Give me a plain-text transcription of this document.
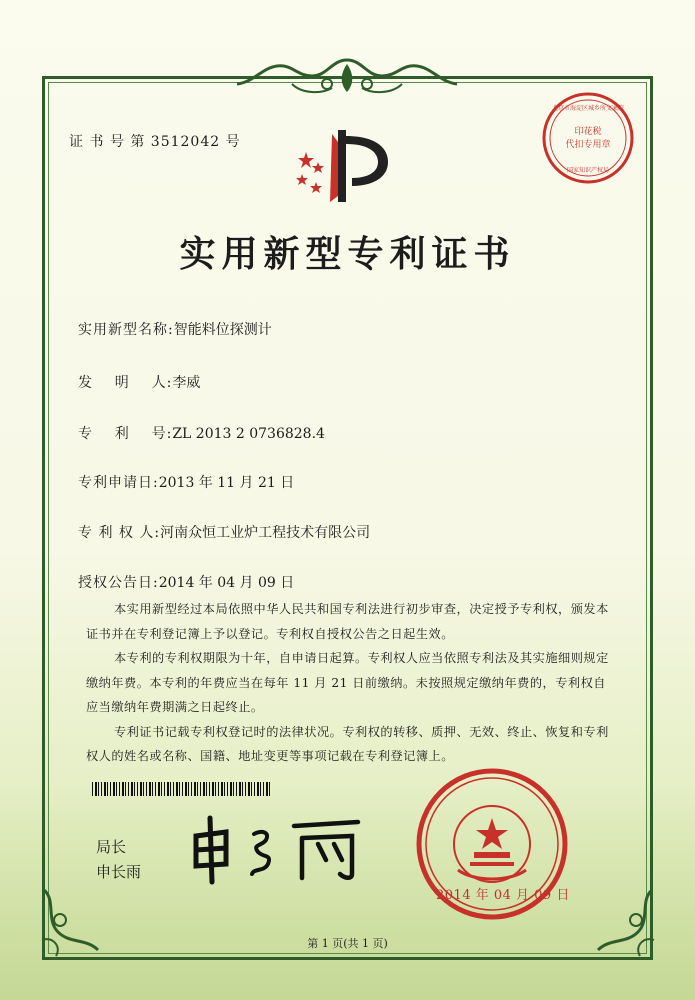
证 书 号 第 3512042 号
实用新型专利证书
实用新型名称:智能料位探测计
发    明    人:李威
专    利    号:ZL 2013 2 0736828.4
专利申请日:2013 年 11 月 21 日
专 利 权 人:河南众恒工业炉工程技术有限公司
授权公告日:2014 年 04 月 09 日

本实用新型经过本局依照中华人民共和国专利法进行初步审查，决定授予专利权，颁发本证书并在专利登记簿上予以登记。专利权自授权公告之日起生效。

本专利的专利权期限为十年，自申请日起算。专利权人应当依照专利法及其实施细则规定缴纳年费。本专利的年费应当在每年 11 月 21 日前缴纳。未按照规定缴纳年费的，专利权自应当缴纳年费期满之日起终止。

专利证书记载专利权登记时的法律状况。专利权的转移、质押、无效、终止、恢复和专利权人的姓名或名称、国籍、地址变更等事项记载在专利登记簿上。

局长
申长雨
印花税
代扣专用章
北京市海淀区城乡所文案院
国家知识产权局
2014 年 04 月 09 日
第 1 页(共 1 页)
